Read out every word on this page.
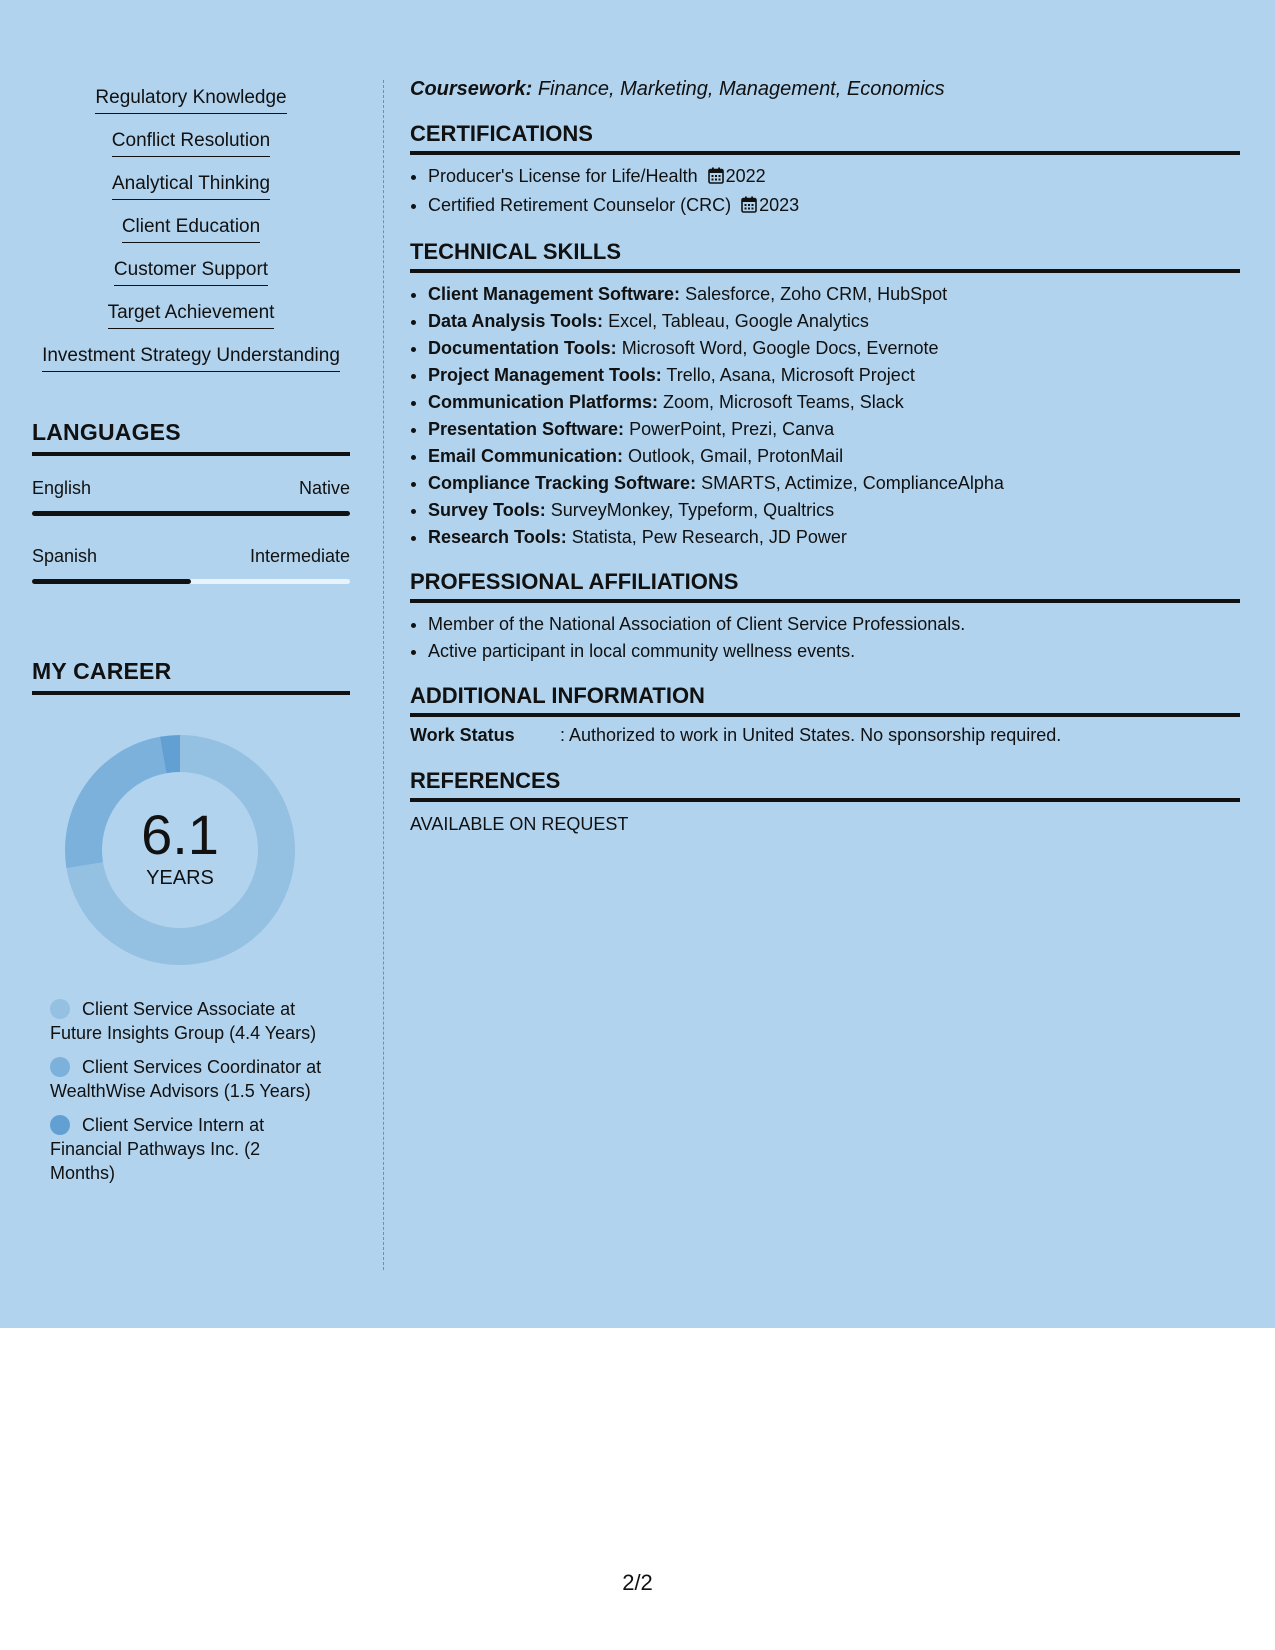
Regulatory Knowledge
Conflict Resolution
Analytical Thinking
Client Education
Customer Support
Target Achievement
Investment Strategy Understanding
LANGUAGES
English	Native
Spanish	Intermediate
MY CAREER
6.1
YEARS
Client Service Associate at Future Insights Group (4.4 Years)
Client Services Coordinator at WealthWise Advisors (1.5 Years)
Client Service Intern at Financial Pathways Inc. (2 Months)
Coursework: Finance, Marketing, Management, Economics
CERTIFICATIONS
• Producer's License for Life/Health 2022
• Certified Retirement Counselor (CRC) 2023
TECHNICAL SKILLS
• Client Management Software: Salesforce, Zoho CRM, HubSpot
• Data Analysis Tools: Excel, Tableau, Google Analytics
• Documentation Tools: Microsoft Word, Google Docs, Evernote
• Project Management Tools: Trello, Asana, Microsoft Project
• Communication Platforms: Zoom, Microsoft Teams, Slack
• Presentation Software: PowerPoint, Prezi, Canva
• Email Communication: Outlook, Gmail, ProtonMail
• Compliance Tracking Software: SMARTS, Actimize, ComplianceAlpha
• Survey Tools: SurveyMonkey, Typeform, Qualtrics
• Research Tools: Statista, Pew Research, JD Power
PROFESSIONAL AFFILIATIONS
• Member of the National Association of Client Service Professionals.
• Active participant in local community wellness events.
ADDITIONAL INFORMATION
Work Status	: Authorized to work in United States. No sponsorship required.
REFERENCES
AVAILABLE ON REQUEST
2/2
